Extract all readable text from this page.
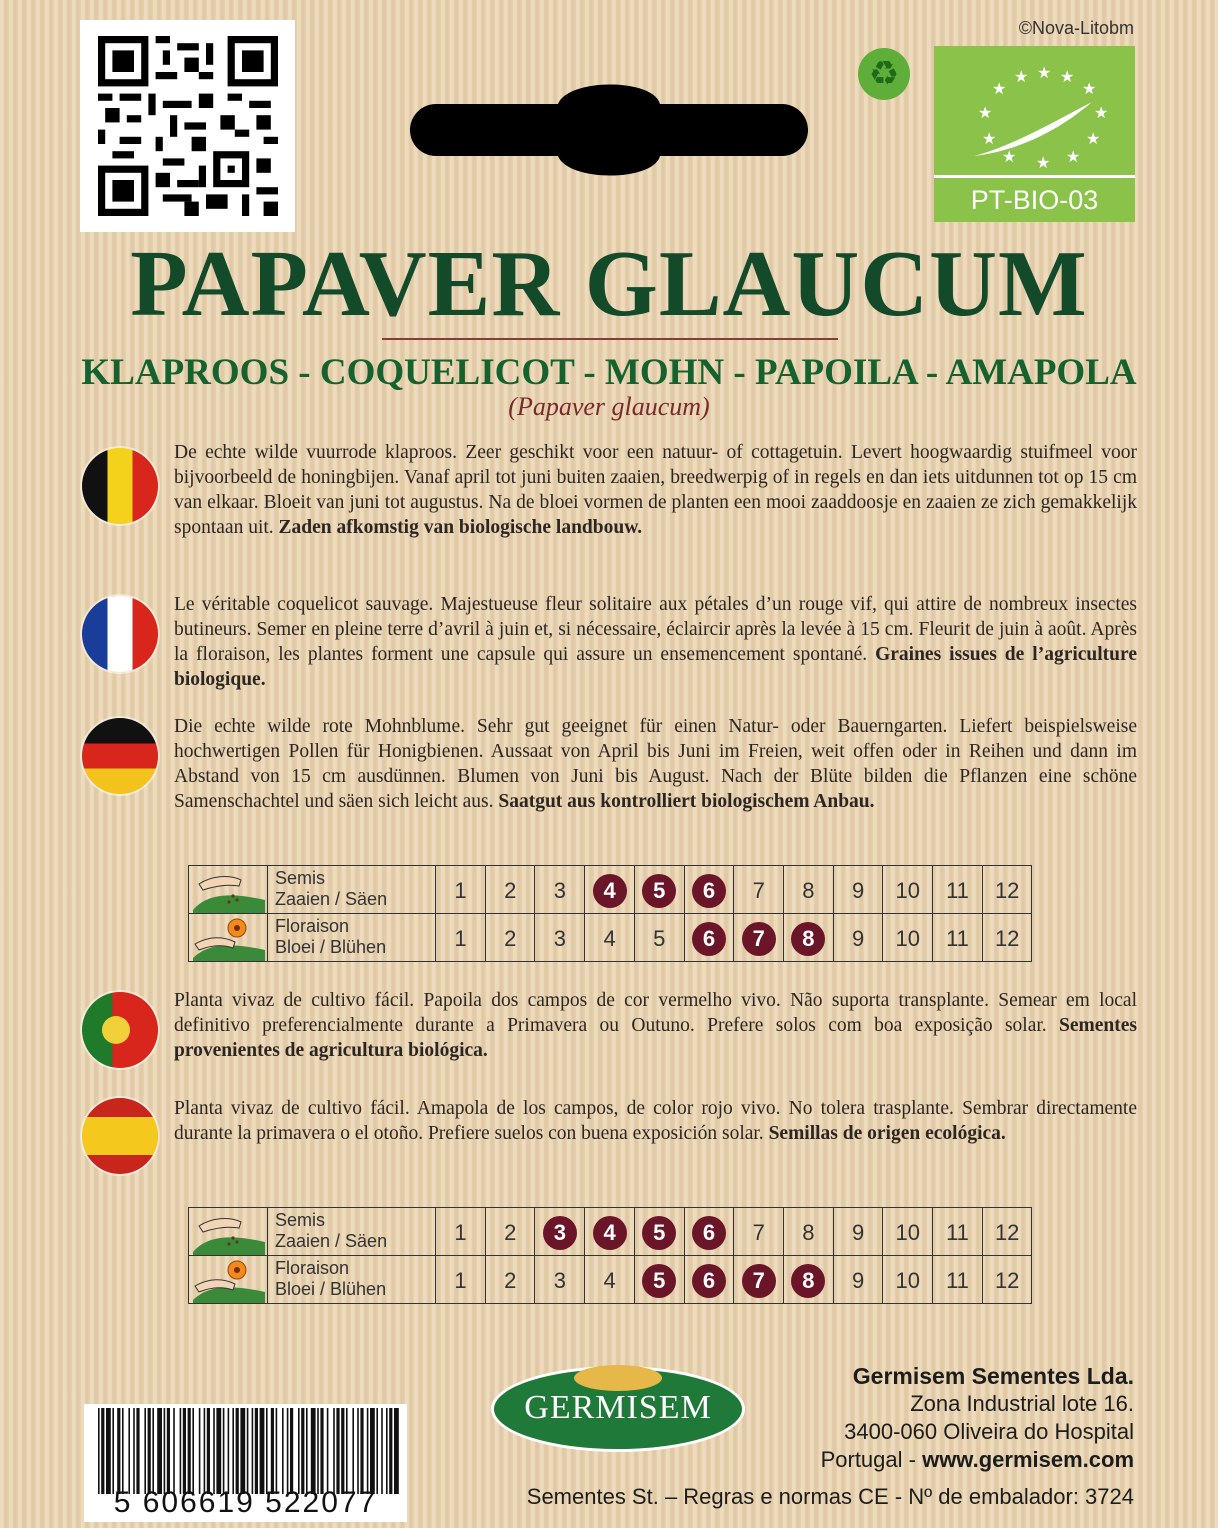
©Nova-Litobm
♻	★
★ ★ ★
★
★	★
★	★
★ ★ ★
PT-BIO-03
PAPAVER GLAUCUM
KLAPROOS - COQUELICOT - MOHN - PAPOILA - AMAPOLA
(Papaver glaucum)
De echte wilde vuurrode klaproos. Zeer geschikt voor een natuur- of cottagetuin. Levert hoogwaardig stuifmeel voor bijvoorbeeld de honingbijen. Vanaf april tot juni buiten zaaien, breedwerpig of in regels en dan iets uitdunnen tot op 15 cm van elkaar. Bloeit van juni tot augustus. Na de bloei vormen de planten een mooi zaaddoosje en zaaien ze zich gemakkelijk spontaan uit. Zaden afkomstig van biologische landbouw.
Le véritable coquelicot sauvage. Majestueuse fleur solitaire aux pétales d’un rouge vif, qui attire de nombreux insectes butineurs. Semer en pleine terre d’avril à juin et, si nécessaire, éclaircir après la levée à 15 cm. Fleurit de juin à août. Après la floraison, les plantes forment une capsule qui assure un ensemencement spontané. Graines issues de l’agriculture biologique.
Die echte wilde rote Mohnblume. Sehr gut geeignet für einen Natur- oder Bauerngarten. Liefert beispielsweise hochwertigen Pollen für Honigbienen. Aussaat von April bis Juni im Freien, weit offen oder in Reihen und dann im Abstand von 15 cm ausdünnen. Blumen von Juni bis August. Nach der Blüte bilden die Pflanzen eine schöne Samenschachtel und säen sich leicht aus. Saatgut aus kontrolliert biologischem Anbau.
Planta vivaz de cultivo fácil. Papoila dos campos de cor vermelho vivo. Não suporta transplante. Semear em local definitivo preferencialmente durante a Primavera ou Outuno. Prefere solos com boa exposição solar. Sementes provenientes de agricultura biológica.
Planta vivaz de cultivo fácil. Amapola de los campos, de color rojo vivo. No tolera trasplante. Sembrar directamente durante la primavera o el otoño. Prefiere suelos con buena exposición solar. Semillas de origen ecológica.
Semis
Zaaien / Säen	1	2	3	4	5	6	7	8	9	10	11	12
Floraison
Bloei / Blühen	1	2	3	4	5	6	7	8	9	10	11	12
Semis
Zaaien / Säen	1	2	3	4	5	6	7	8	9	10	11	12
Floraison
Bloei / Blühen	1	2	3	4	5	6	7	8	9	10	11	12
5 606619 522077
GERMISEM
Germisem Sementes Lda.
Zona Industrial lote 16.
3400-060 Oliveira do Hospital
Portugal - www.germisem.com
Sementes St. – Regras e normas CE - Nº de embalador: 3724
